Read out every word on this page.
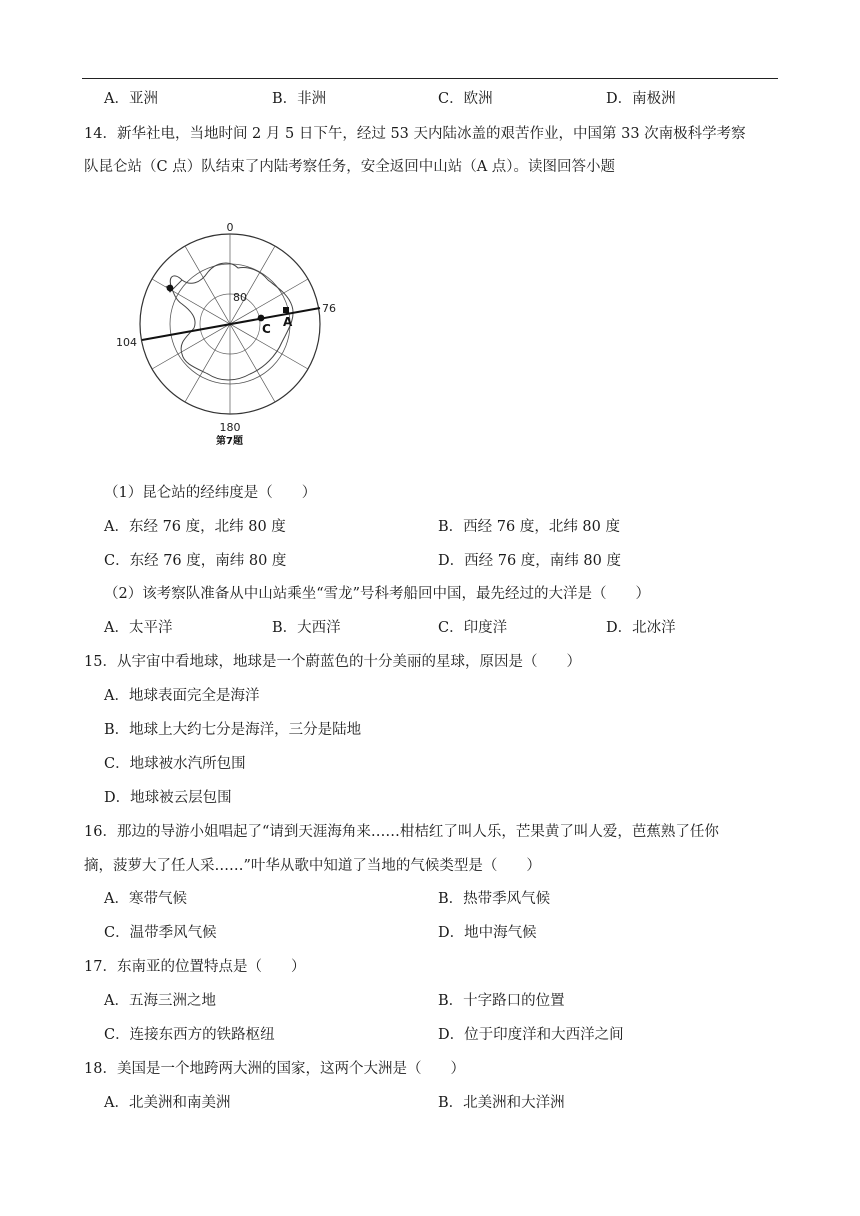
A．亚洲	B．非洲	C．欧洲	D．南极洲
14．新华社电，当地时间 2 月 5 日下午，经过 53 天内陆冰盖的艰苦作业，中国第 33 次南极科学考察
队昆仑站（C 点）队结束了内陆考察任务，安全返回中山站（A 点）。读图回答小题
0
180
104
76
80
C A
第7题
（1）昆仑站的经纬度是（　　）
A．东经 76 度，北纬 80 度	B．西经 76 度，北纬 80 度
C．东经 76 度，南纬 80 度	D．西经 76 度，南纬 80 度
（2）该考察队准备从中山站乘坐“雪龙”号科考船回中国，最先经过的大洋是（　　）
A．太平洋	B．大西洋	C．印度洋	D．北冰洋
15．从宇宙中看地球，地球是一个蔚蓝色的十分美丽的星球，原因是（　　）
A．地球表面完全是海洋
B．地球上大约七分是海洋，三分是陆地
C．地球被水汽所包围
D．地球被云层包围
16．那边的导游小姐唱起了“请到天涯海角来……柑桔红了叫人乐，芒果黄了叫人爱，芭蕉熟了任你
摘，菠萝大了任人采……”叶华从歌中知道了当地的气候类型是（　　）
A．寒带气候	B．热带季风气候
C．温带季风气候	D．地中海气候
17．东南亚的位置特点是（　　）
A．五海三洲之地	B．十字路口的位置
C．连接东西方的铁路枢纽	D．位于印度洋和大西洋之间
18．美国是一个地跨两大洲的国家，这两个大洲是（　　）
A．北美洲和南美洲	B．北美洲和大洋洲
